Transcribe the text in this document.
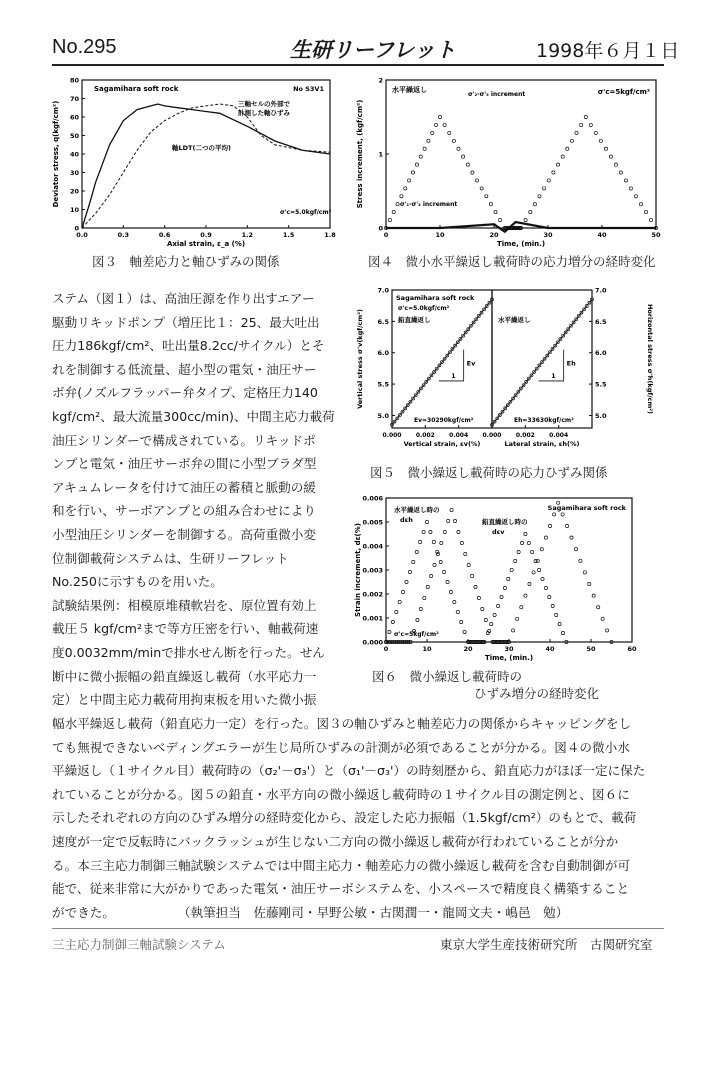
No.295	生研リーフレット	1998年６月１日
0.0	0.3	0.6	0.9	1.2	1.5	1.8
0
10
20
30
40
50
60
70
80
Axial strain, ε_a (%)
Deviator stress, q(kgf/cm²)
Sagamihara soft rock	No S3V1
三軸セルの外部で
計測した軸ひずみ
軸LDT(二つの平均)
σ'c=5.0kgf/cm²
図３　軸差応力と軸ひずみの関係
0	10	20	30	40	50
0
1
2
Time, (min.)
Stress increment, (kgf/cm²)
水平繰返し
σ'₂-σ'₃ increment
σ'₁-σ'₃ increment
σ'c=5kgf/cm²
図４　微小水平繰返し載荷時の応力増分の経時変化
0.000 0.002 0.004
5.0
5.5
6.0
6.5
7.0
Vertical strain, εv(%)
Vertical stress σ'v(kgf/cm²)
Sagamihara soft rock
σ'c=5.0kgf/cm²
鉛直繰返し
Ev
1
Ev=30290kgf/cm²
0.000 0.002 0.004
5.0
5.5
6.0
6.5
7.0
Lateral strain, εh(%)
Horizontal stress σ'h(kgf/cm²)
水平繰返し
Eh
1
Eh=33630kgf/cm²
図５　微小繰返し載荷時の応力ひずみ関係
0	10	20	30	40	50	60
0.000
0.001
0.002
0.003
0.004
0.005
0.006
Time, (min.)
Strain increment, dε(%)
Sagamihara soft rock
水平繰返し時の
dεh	鉛直繰返し時の
dεv
σ'c=5kgf/cm²
図６　微小繰返し載荷時の
ひずみ増分の経時変化
ステム（図１）は、高油圧源を作り出すエアー
駆動リキッドポンプ（増圧比１：25、最大吐出
圧力186kgf/cm²、吐出量8.2cc/サイクル）とそ
れを制御する低流量、超小型の電気・油圧サー
ボ弁(ノズルフラッパー弁タイプ、定格圧力140
kgf/cm²、最大流量300cc/min)、中間主応力載荷
油圧シリンダーで構成されている。リキッドポ
ンプと電気・油圧サーボ弁の間に小型ブラダ型
アキュムレータを付けて油圧の蓄積と脈動の緩
和を行い、サーボアンプとの組み合わせにより
小型油圧シリンダーを制御する。高荷重微小変
位制御載荷システムは、生研リーフレット
No.250に示すものを用いた。
試験結果例：相模原堆積軟岩を、原位置有効上
載圧５ kgf/cm²まで等方圧密を行い、軸載荷速
度0.0032mm/minで排水せん断を行った。せん
断中に微小振幅の鉛直繰返し載荷（水平応力一
定）と中間主応力載荷用拘束板を用いた微小振
幅水平繰返し載荷（鉛直応力一定）を行った。図３の軸ひずみと軸差応力の関係からキャッピングをし
ても無視できないベディングエラーが生じ局所ひずみの計測が必須であることが分かる。図４の微小水
平繰返し（１サイクル目）載荷時の（σ₂'－σ₃'）と（σ₁'－σ₃'）の時刻歴から、鉛直応力がほぼ一定に保た
れていることが分かる。図５の鉛直・水平方向の微小繰返し載荷時の１サイクル目の測定例と、図６に
示したそれぞれの方向のひずみ増分の経時変化から、設定した応力振幅（1.5kgf/cm²）のもとで、載荷
速度が一定で反転時にバックラッシュが生じない二方向の微小繰返し載荷が行われていることが分か
る。本三主応力制御三軸試験システムでは中間主応力・軸差応力の微小繰返し載荷を含む自動制御が可
能で、従来非常に大がかりであった電気・油圧サーボシステムを、小スペースで精度良く構築すること
ができた。　　　　　　（執筆担当　佐藤剛司・早野公敏・古関潤一・龍岡文夫・嶋邑　勉）
三主応力制御三軸試験システム	東京大学生産技術研究所　古関研究室
